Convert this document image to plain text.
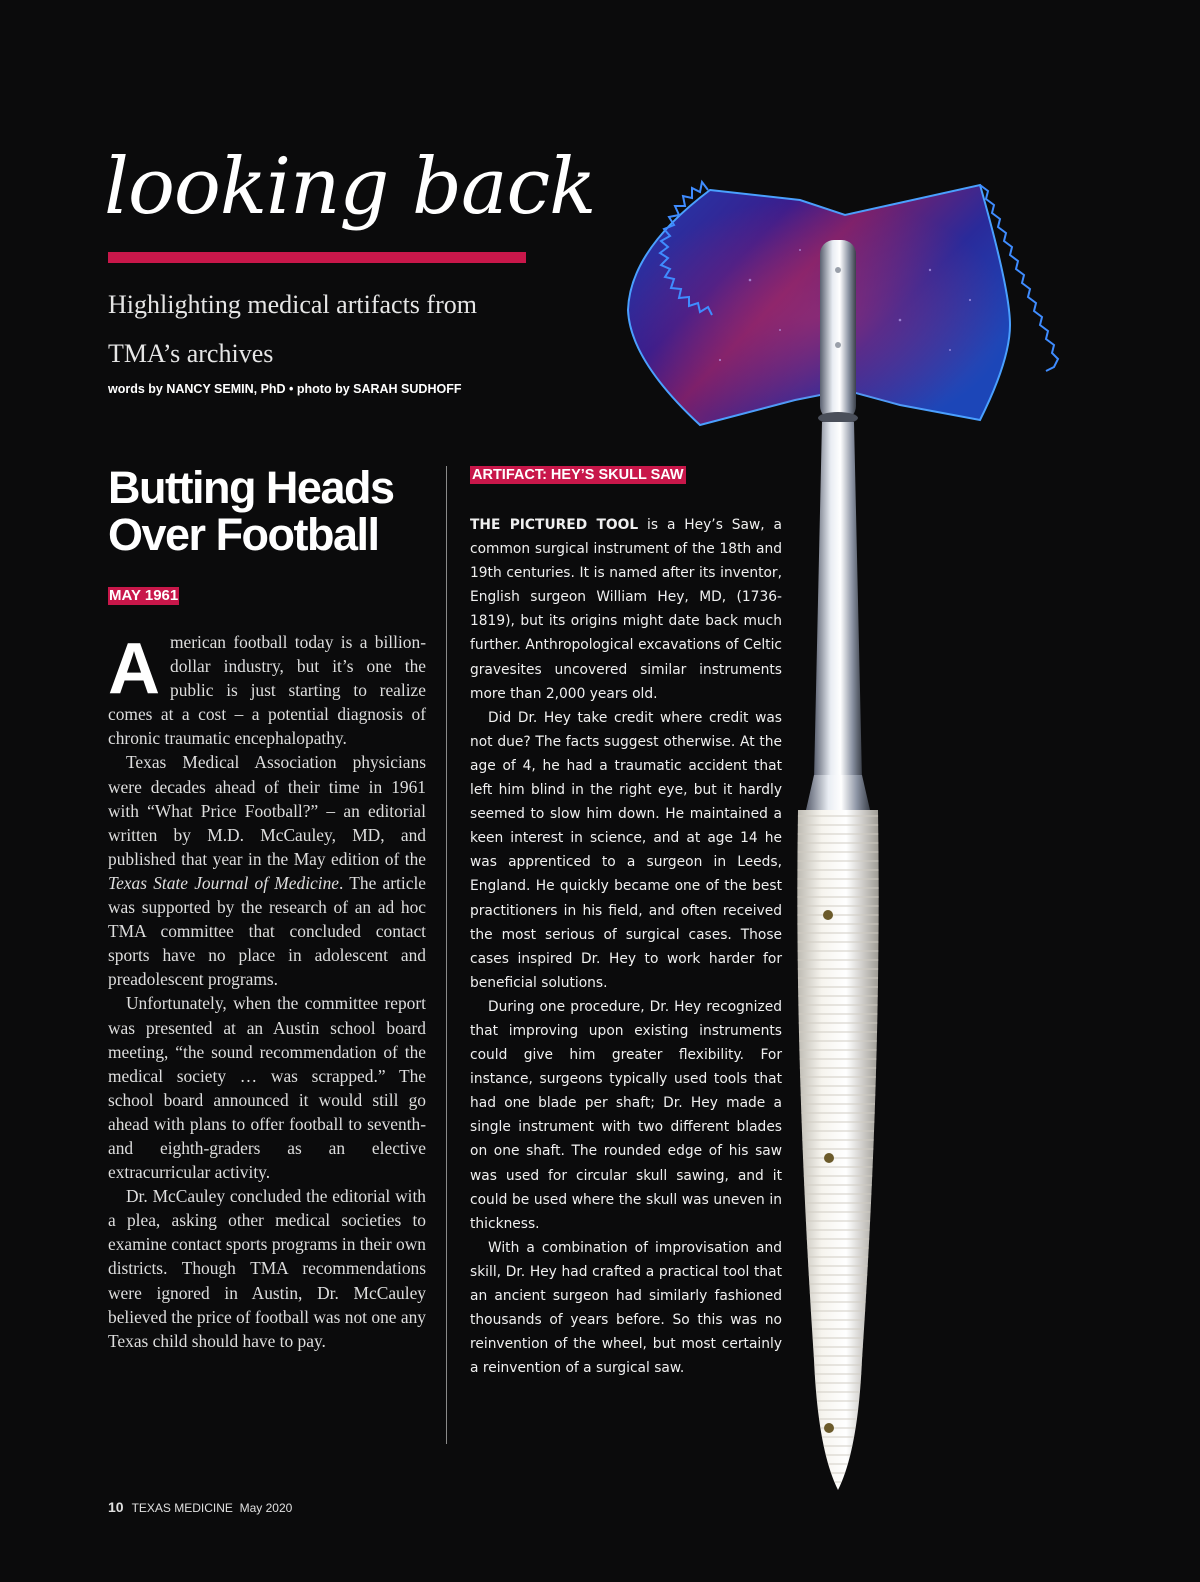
looking back
Highlighting medical artifacts from TMA’s archives
words by NANCY SEMIN, PhD • photo by SARAH SUDHOFF
Butting Heads Over Football
MAY 1961

American football today is a billion-dollar industry, but it’s one the public is just starting to realize comes at a cost – a potential diagnosis of chronic traumatic encephalopathy.

Texas Medical Association physicians were decades ahead of their time in 1961 with “What Price Football?” – an editorial written by M.D. McCauley, MD, and published that year in the May edition of the Texas State Journal of Medicine. The article was supported by the research of an ad hoc TMA committee that concluded contact sports have no place in adolescent and preadolescent programs.

Unfortunately, when the committee report was presented at an Austin school board meeting, “the sound recommendation of the medical society … was scrapped.” The school board announced it would still go ahead with plans to offer football to seventh- and eighth-graders as an elective extracurricular activity.

Dr. McCauley concluded the editorial with a plea, asking other medical societies to examine contact sports programs in their own districts. Though TMA recommendations were ignored in Austin, Dr. McCauley believed the price of football was not one any Texas child should have to pay.

ARTIFACT: HEY’S SKULL SAW

THE PICTURED TOOL is a Hey’s Saw, a common surgical instrument of the 18th and 19th centuries. It is named after its inventor, English surgeon William Hey, MD, (1736-1819), but its origins might date back much further. Anthropological excavations of Celtic gravesites uncovered similar instruments more than 2,000 years old.

Did Dr. Hey take credit where credit was not due? The facts suggest otherwise. At the age of 4, he had a traumatic accident that left him blind in the right eye, but it hardly seemed to slow him down. He maintained a keen interest in science, and at age 14 he was apprenticed to a surgeon in Leeds, England. He quickly became one of the best practitioners in his field, and often received the most serious of surgical cases. Those cases inspired Dr. Hey to work harder for beneficial solutions.

During one procedure, Dr. Hey recognized that improving upon existing instruments could give him greater flexibility. For instance, surgeons typically used tools that had one blade per shaft; Dr. Hey made a single instrument with two different blades on one shaft. The rounded edge of his saw was used for circular skull sawing, and it could be used where the skull was uneven in thickness.

With a combination of improvisation and skill, Dr. Hey had crafted a practical tool that an ancient surgeon had similarly fashioned thousands of years before. So this was no reinvention of the wheel, but most certainly a reinvention of a surgical saw.

10 TEXAS MEDICINE May 2020
